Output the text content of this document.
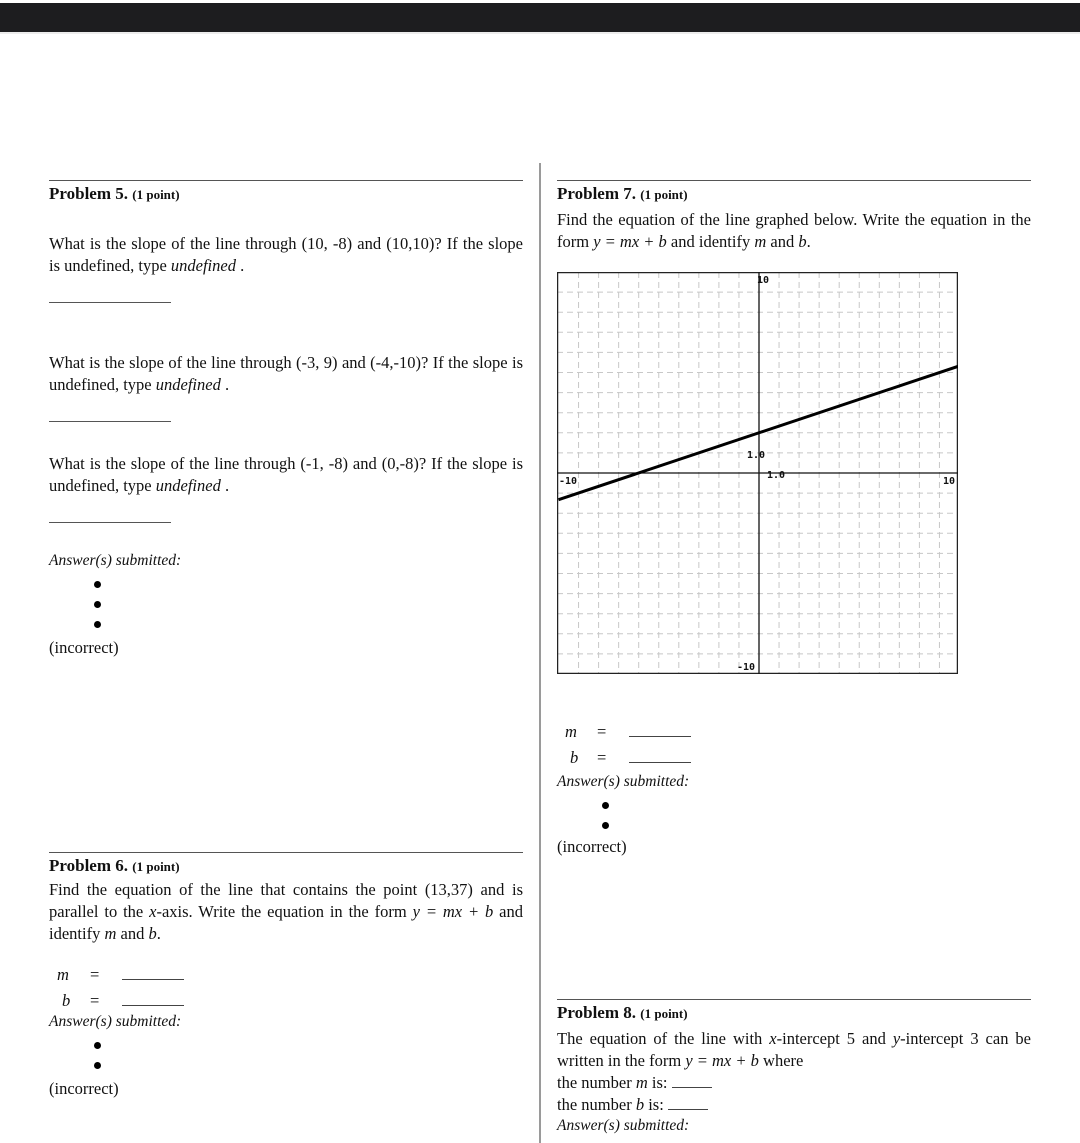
Problem 5. (1 point)
What is the slope of the line through (10, -8) and (10,10)? If the slope is undefined, type undefined .
What is the slope of the line through (-3, 9) and (-4,-10)? If the slope is undefined, type undefined .
What is the slope of the line through (-1, -8) and (0,-8)? If the slope is undefined, type undefined .
Answer(s) submitted:
(incorrect)
Problem 6. (1 point)
Find the equation of the line that contains the point (13,37) and is parallel to the x-axis. Write the equation in the form y = mx + b and identify m and b.
m =
b =
Answer(s) submitted:
(incorrect)
Problem 7. (1 point)
Find the equation of the line graphed below. Write the equation in the form y = mx + b and identify m and b.
10
-10
-10	10
1.0
1.0
m =
b =
Answer(s) submitted:
(incorrect)
Problem 8. (1 point)
The equation of the line with x-intercept 5 and y-intercept 3 can be written in the form y = mx + b where
the number m is:
the number b is:
Answer(s) submitted:
